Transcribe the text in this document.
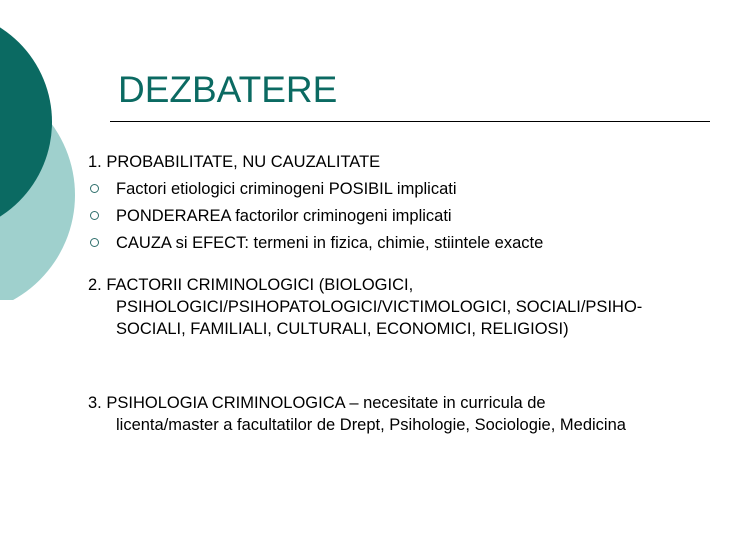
DEZBATERE

1. PROBABILITATE, NU CAUZALITATE

Factori etiologici criminogeni POSIBIL implicati
PONDERAREA factorilor criminogeni implicati
CAUZA si EFECT: termeni in fizica, chimie, stiintele exacte

2. FACTORII CRIMINOLOGICI (BIOLOGICI,

PSIHOLOGICI/PSIHOPATOLOGICI/VICTIMOLOGICI, SOCIALI/PSIHO-

SOCIALI, FAMILIALI, CULTURALI, ECONOMICI, RELIGIOSI)

3. PSIHOLOGIA CRIMINOLOGICA – necesitate in curricula de

licenta/master a facultatilor de Drept, Psihologie, Sociologie, Medicina
